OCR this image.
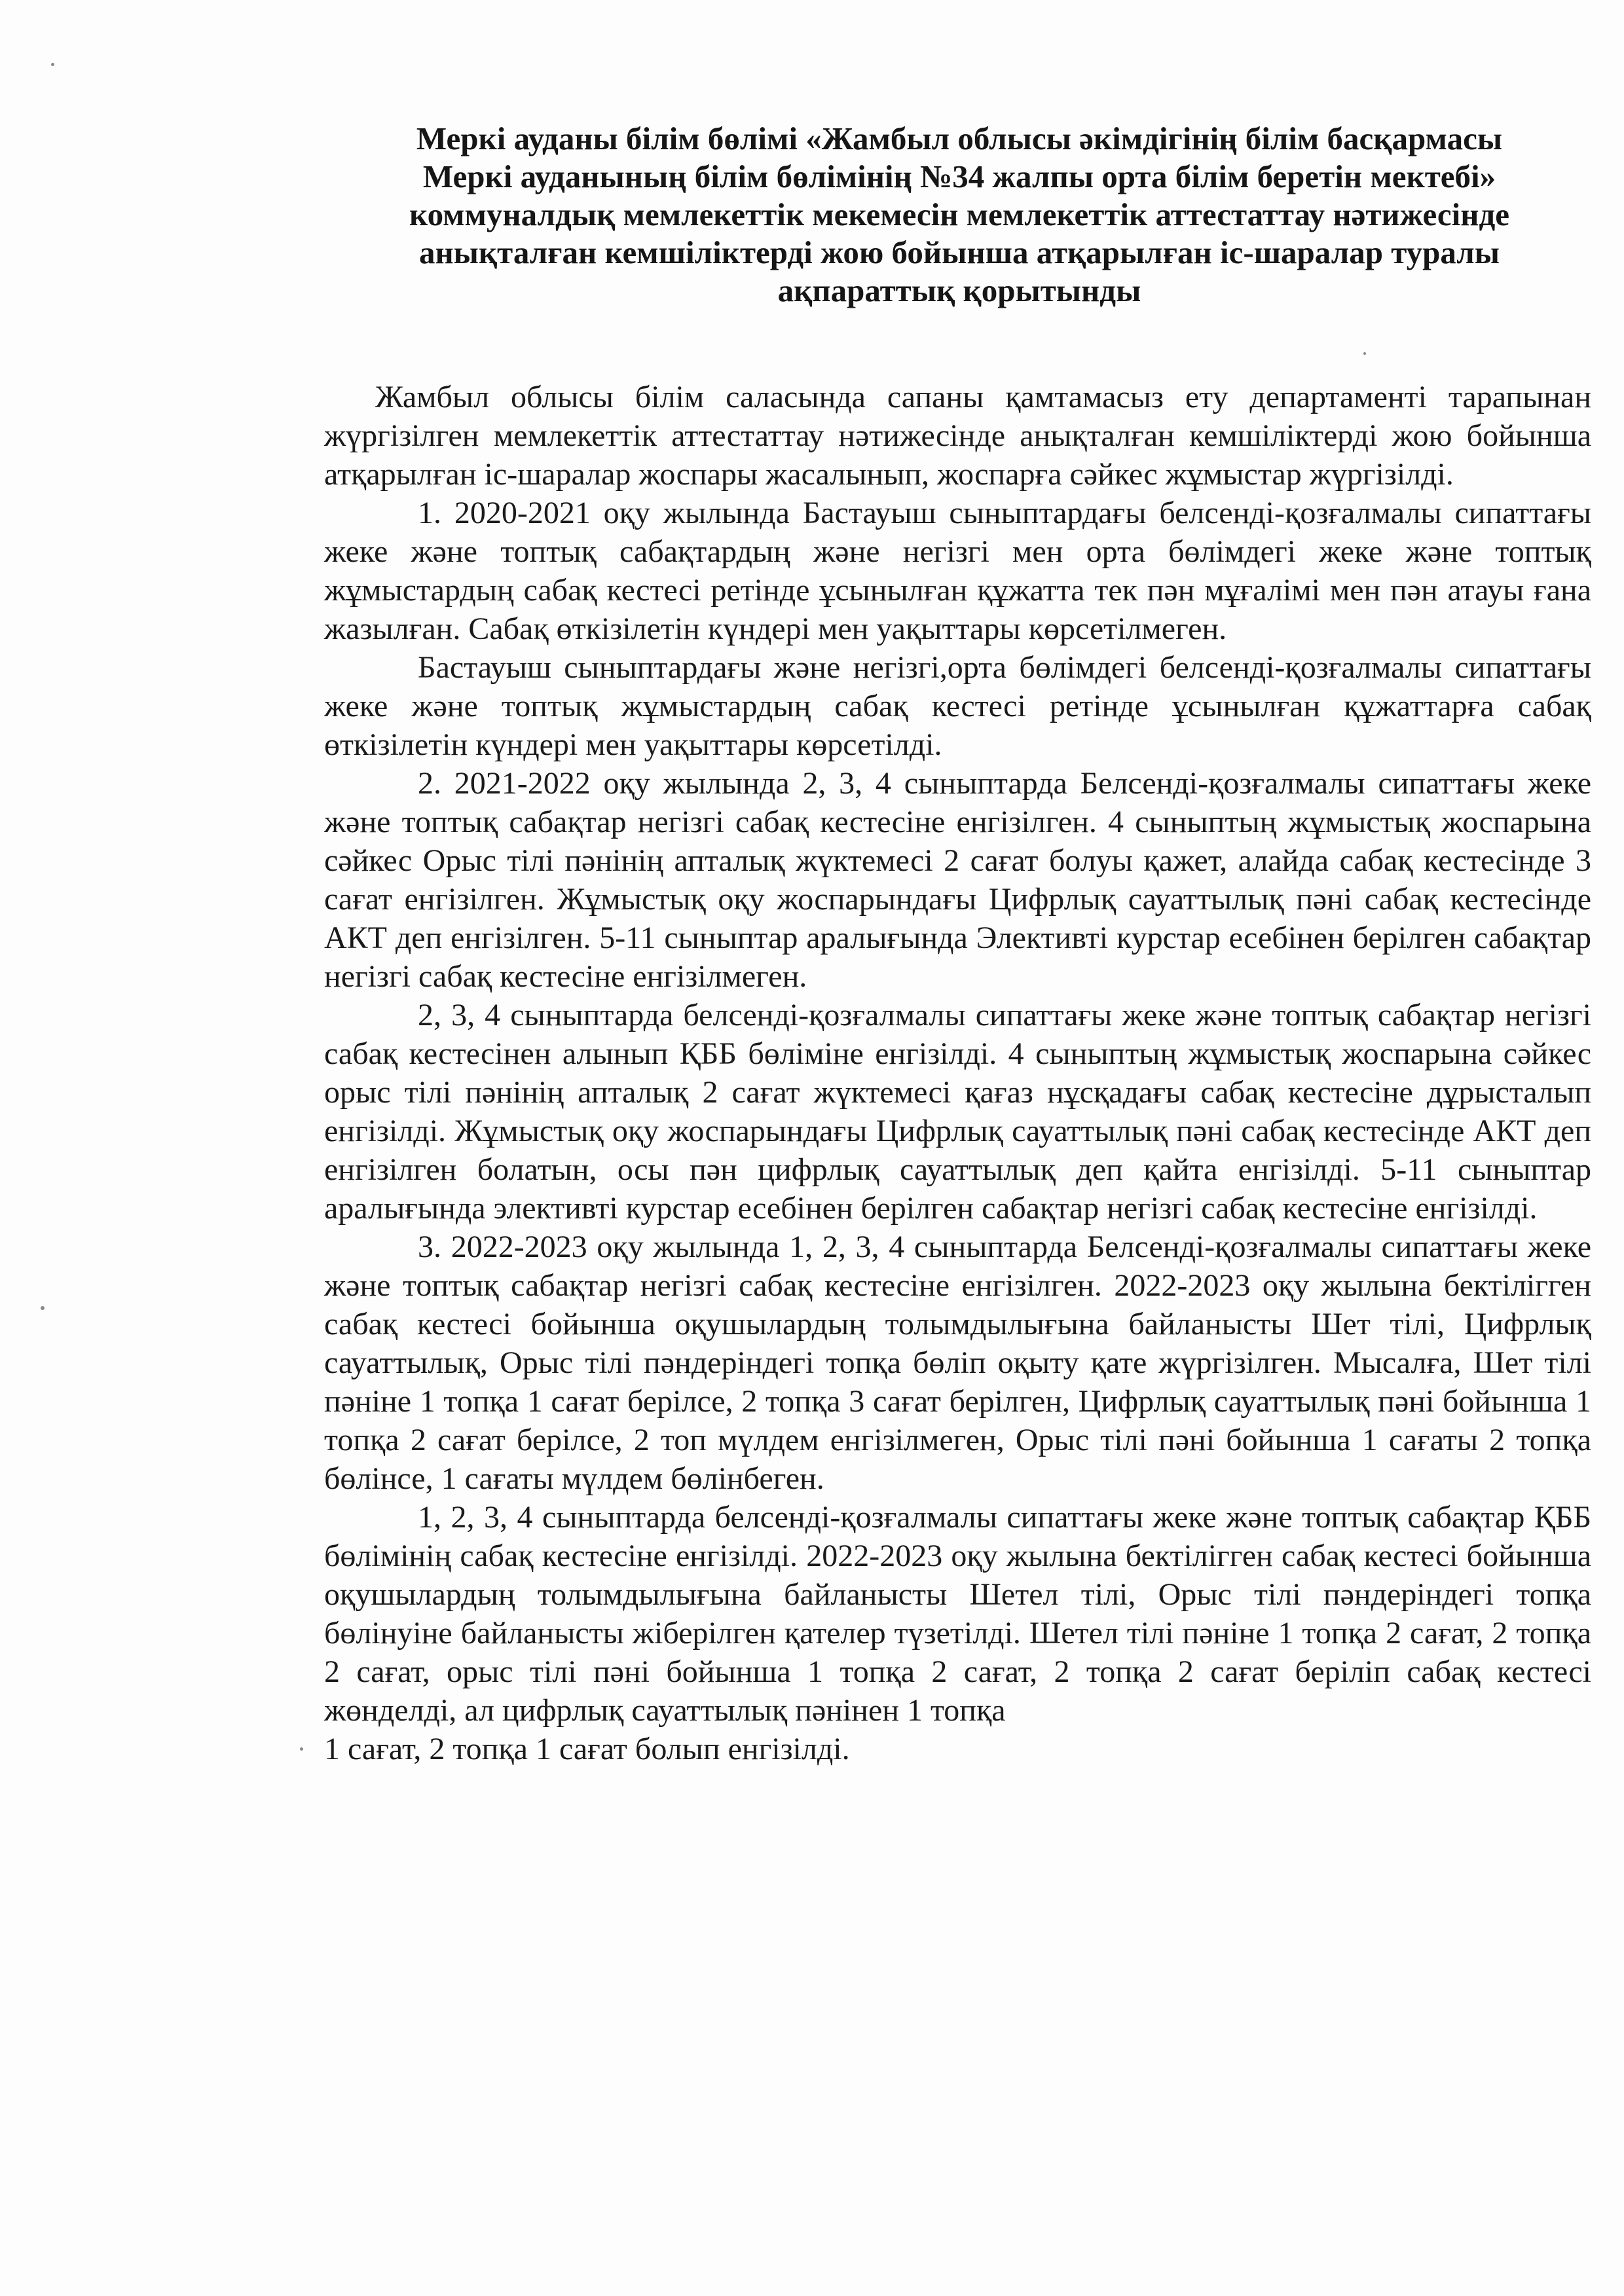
Меркі ауданы білім бөлімі «Жамбыл облысы әкімдігінің білім басқармасы
Меркі ауданының білім бөлімінің №34 жалпы орта білім беретін мектебі»
коммуналдық мемлекеттік мекемесін мемлекеттік аттестаттау нәтижесінде
анықталған кемшіліктерді жою бойынша атқарылған іс-шаралар туралы
ақпараттық қорытынды

Жамбыл облысы білім саласында сапаны қамтамасыз ету департаменті тарапынан жүргізілген мемлекеттік аттестаттау нәтижесінде анықталған кемшіліктерді жою бойынша атқарылған іс-шаралар жоспары жасалынып, жоспарға сәйкес жұмыстар жүргізілді.

1. 2020-2021 оқу жылында Бастауыш сыныптардағы белсенді-қозғалмалы сипаттағы жеке және топтық сабақтардың және негізгі мен орта бөлімдегі жеке және топтық жұмыстардың сабақ кестесі ретінде ұсынылған құжатта тек пән мұғалімі мен пән атауы ғана жазылған. Сабақ өткізілетін күндері мен уақыттары көрсетілмеген.

Бастауыш сыныптардағы және негізгі,орта бөлімдегі белсенді-қозғалмалы сипаттағы жеке және топтық жұмыстардың сабақ кестесі ретінде ұсынылған құжаттарға сабақ өткізілетін күндері мен уақыттары көрсетілді.

2. 2021-2022 оқу жылында 2, 3, 4 сыныптарда Белсенді-қозғалмалы сипаттағы жеке және топтық сабақтар негізгі сабақ кестесіне енгізілген. 4 сыныптың жұмыстық жоспарына сәйкес Орыс тілі пәнінің апталық жүктемесі 2 сағат болуы қажет, алайда сабақ кестесінде 3 сағат енгізілген. Жұмыстық оқу жоспарындағы Цифрлық сауаттылық пәні сабақ кестесінде АКТ деп енгізілген. 5-11 сыныптар аралығында Элективті курстар есебінен берілген сабақтар негізгі сабақ кестесіне енгізілмеген.

2, 3, 4 сыныптарда белсенді-қозғалмалы сипаттағы жеке және топтық сабақтар негізгі сабақ кестесінен алынып ҚББ бөліміне енгізілді. 4 сыныптың жұмыстық жоспарына сәйкес орыс тілі пәнінің апталық 2 сағат жүктемесі қағаз нұсқадағы сабақ кестесіне дұрысталып енгізілді. Жұмыстық оқу жоспарындағы Цифрлық сауаттылық пәні сабақ кестесінде АКТ деп енгізілген болатын, осы пән цифрлық сауаттылық деп қайта енгізілді. 5-11 сыныптар аралығында элективті курстар есебінен берілген сабақтар негізгі сабақ кестесіне енгізілді.

3. 2022-2023 оқу жылында 1, 2, 3, 4 сыныптарда Белсенді-қозғалмалы сипаттағы жеке және топтық сабақтар негізгі сабақ кестесіне енгізілген. 2022-2023 оқу жылына бектілігген сабақ кестесі бойынша оқушылардың толымдылығына байланысты Шет тілі, Цифрлық сауаттылық, Орыс тілі пәндеріндегі топқа бөліп оқыту қате жүргізілген. Мысалға, Шет тілі пәніне 1 топқа 1 сағат берілсе, 2 топқа 3 сағат берілген, Цифрлық сауаттылық пәні бойынша 1 топқа 2 сағат берілсе, 2 топ мүлдем енгізілмеген, Орыс тілі пәні бойынша 1 сағаты 2 топқа бөлінсе, 1 сағаты мүлдем бөлінбеген.

1, 2, 3, 4 сыныптарда белсенді-қозғалмалы сипаттағы жеке және топтық сабақтар ҚББ бөлімінің сабақ кестесіне енгізілді. 2022-2023 оқу жылына бектілігген сабақ кестесі бойынша оқушылардың толымдылығына байланысты Шетел тілі, Орыс тілі пәндеріндегі топқа бөлінуіне байланысты жіберілген қателер түзетілді. Шетел тілі пәніне 1 топқа 2 сағат, 2 топқа 2 сағат, орыс тілі пәні бойынша 1 топқа 2 сағат, 2 топқа 2 сағат беріліп сабақ кестесі жөнделді, ал цифрлық сауаттылық пәнінен 1 топқа

1 сағат, 2 топқа 1 сағат болып енгізілді.
